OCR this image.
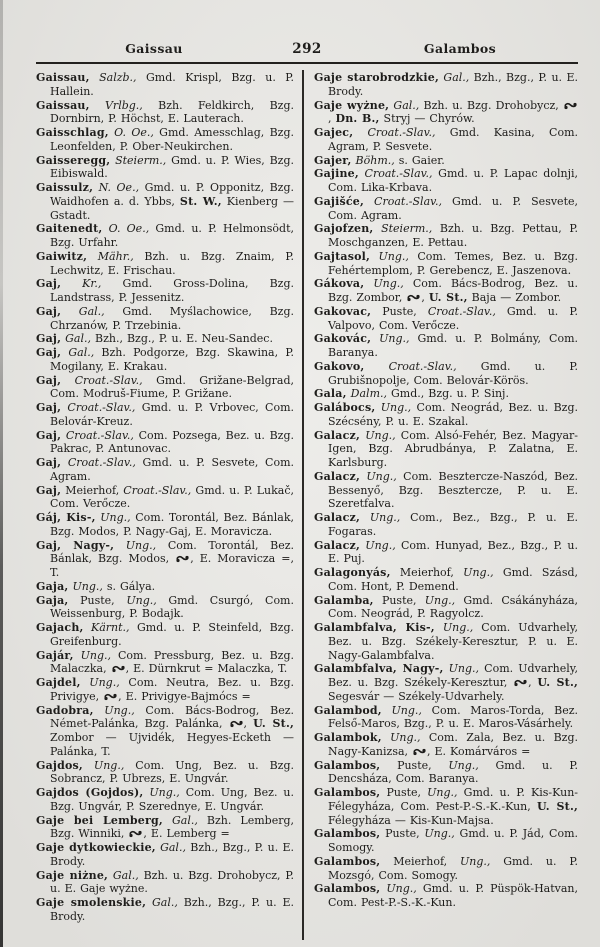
Gaissau	292	Galambos

Gaissau, Salzb., Gmd. Krispl, Bzg. u. P. Hallein.

Gaissau, Vrlbg., Bzh. Feldkirch, Bzg. Dornbirn, P. Höchst, E. Lauterach.

Gaisschlag, O. Oe., Gmd. Amesschlag, Bzg. Leonfelden, P. Ober-Neukirchen.

Gaisseregg, Steierm., Gmd. u. P. Wies, Bzg. Eibiswald.

Gaissulz, N. Oe., Gmd. u. P. Opponitz, Bzg. Waidhofen a. d. Ybbs, St. W., Kienberg — Gstadt.

Gaitenedt, O. Oe., Gmd. u. P. Helmonsödt, Bzg. Urfahr.

Gaiwitz, Mähr., Bzh. u. Bzg. Znaim, P. Lechwitz, E. Frischau.

Gaj, Kr., Gmd. Gross-Dolina, Bzg. Landstrass, P. Jessenitz.

Gaj, Gal., Gmd. Myślachowice, Bzg. Chrzanów, P. Trzebinia.

Gaj, Gal., Bzh., Bzg., P. u. E. Neu-Sandec.

Gaj, Gal., Bzh. Podgorze, Bzg. Skawina, P. Mogilany, E. Krakau.

Gaj, Croat.-Slav., Gmd. Grižane-Belgrad, Com. Modruš-Fiume, P. Grižane.

Gaj, Croat.-Slav., Gmd. u. P. Vrbovec, Com. Belovár-Kreuz.

Gaj, Croat.-Slav., Com. Pozsega, Bez. u. Bzg. Pakrac, P. Antunovac.

Gaj, Croat.-Slav., Gmd. u. P. Sesvete, Com. Agram.

Gaj, Meierhof, Croat.-Slav., Gmd. u. P. Lukač, Com. Verőcze.

Gáj, Kis-, Ung., Com. Torontál, Bez. Bánlak, Bzg. Modos, P. Nagy-Gaj, E. Moravicza.

Gaj, Nagy-, Ung., Com. Torontál, Bez. Bánlak, Bzg. Modos, , E. Moravicza =, T.

Gaja, Ung., s. Gálya.

Gaja, Puste, Ung., Gmd. Csurgó, Com. Weissenburg, P. Bodajk.

Gajach, Kärnt., Gmd. u. P. Steinfeld, Bzg. Greifenburg.

Gajár, Ung., Com. Pressburg, Bez. u. Bzg. Malaczka, , E. Dürnkrut = Malaczka, T.

Gajdel, Ung., Com. Neutra, Bez. u. Bzg. Privigye, , E. Privigye-Bajmócs =

Gadobra, Ung., Com. Bács-Bodrog, Bez. Német-Palánka, Bzg. Palánka, , U. St., Zombor — Ujvidék, Hegyes-Ecketh — Palánka, T.

Gajdos, Ung., Com. Ung, Bez. u. Bzg. Sobrancz, P. Ubrezs, E. Ungvár.

Gajdos (Gojdos), Ung., Com. Ung, Bez. u. Bzg. Ungvár, P. Szerednye, E. Ungvár.

Gaje bei Lemberg, Gal., Bzh. Lemberg, Bzg. Winniki, , E. Lemberg =

Gaje dytkowieckie, Gal., Bzh., Bzg., P. u. E. Brody.

Gaje niżne, Gal., Bzh. u. Bzg. Drohobycz, P. u. E. Gaje wyżne.

Gaje smolenskie, Gal., Bzh., Bzg., P. u. E. Brody.

Gaje starobrodzkie, Gal., Bzh., Bzg., P. u. E. Brody.

Gaje wyżne, Gal., Bzh. u. Bzg. Drohobycz, , Dn. B., Stryj — Chyrów.

Gajec, Croat.-Slav., Gmd. Kasina, Com. Agram, P. Sesvete.

Gajer, Böhm., s. Gaier.

Gajine, Croat.-Slav., Gmd. u. P. Lapac dolnji, Com. Lika-Krbava.

Gajišće, Croat.-Slav., Gmd. u. P. Sesvete, Com. Agram.

Gajofzen, Steierm., Bzh. u. Bzg. Pettau, P. Moschganzen, E. Pettau.

Gajtasol, Ung., Com. Temes, Bez. u. Bzg. Fehértemplom, P. Gerebencz, E. Jaszenova.

Gákova, Ung., Com. Bács-Bodrog, Bez. u. Bzg. Zombor, , U. St., Baja — Zombor.

Gakovac, Puste, Croat.-Slav., Gmd. u. P. Valpovo, Com. Verőcze.

Gakovác, Ung., Gmd. u. P. Bolmány, Com. Baranya.

Gakovo, Croat.-Slav., Gmd. u. P. Grubišnopolje, Com. Belovár-Körös.

Gala, Dalm., Gmd., Bzg. u. P. Sinj.

Galábocs, Ung., Com. Neográd, Bez. u. Bzg. Szécsény, P. u. E. Szakal.

Galacz, Ung., Com. Alsó-Fehér, Bez. Magyar-Igen, Bzg. Abrudbánya, P. Zalatna, E. Karlsburg.

Galacz, Ung., Com. Besztercze-Naszód, Bez. Bessenyő, Bzg. Besztercze, P. u. E. Szeretfalva.

Galacz, Ung., Com., Bez., Bzg., P. u. E. Fogaras.

Galacz, Ung., Com. Hunyad, Bez., Bzg., P. u. E. Puj.

Galagonyás, Meierhof, Ung., Gmd. Szásd, Com. Hont, P. Demend.

Galamba, Puste, Ung., Gmd. Csákányháza, Com. Neográd, P. Ragyolcz.

Galambfalva, Kis-, Ung., Com. Udvarhely, Bez. u. Bzg. Székely-Keresztur, P. u. E. Nagy-Galambfalva.

Galambfalva, Nagy-, Ung., Com. Udvarhely, Bez. u. Bzg. Székely-Keresztur, , U. St., Segesvár — Székely-Udvarhely.

Galambod, Ung., Com. Maros-Torda, Bez. Felső-Maros, Bzg., P. u. E. Maros-Vásárhely.

Galambok, Ung., Com. Zala, Bez. u. Bzg. Nagy-Kanizsa, , E. Komárváros =

Galambos, Puste, Ung., Gmd. u. P. Dencsháza, Com. Baranya.

Galambos, Puste, Ung., Gmd. u. P. Kis-Kun-Félegyháza, Com. Pest-P.-S.-K.-Kun, U. St., Félegyháza — Kis-Kun-Majsa.

Galambos, Puste, Ung., Gmd. u. P. Jád, Com. Somogy.

Galambos, Meierhof, Ung., Gmd. u. P. Mozsgó, Com. Somogy.

Galambos, Ung., Gmd. u. P. Püspök-Hatvan, Com. Pest-P.-S.-K.-Kun.
